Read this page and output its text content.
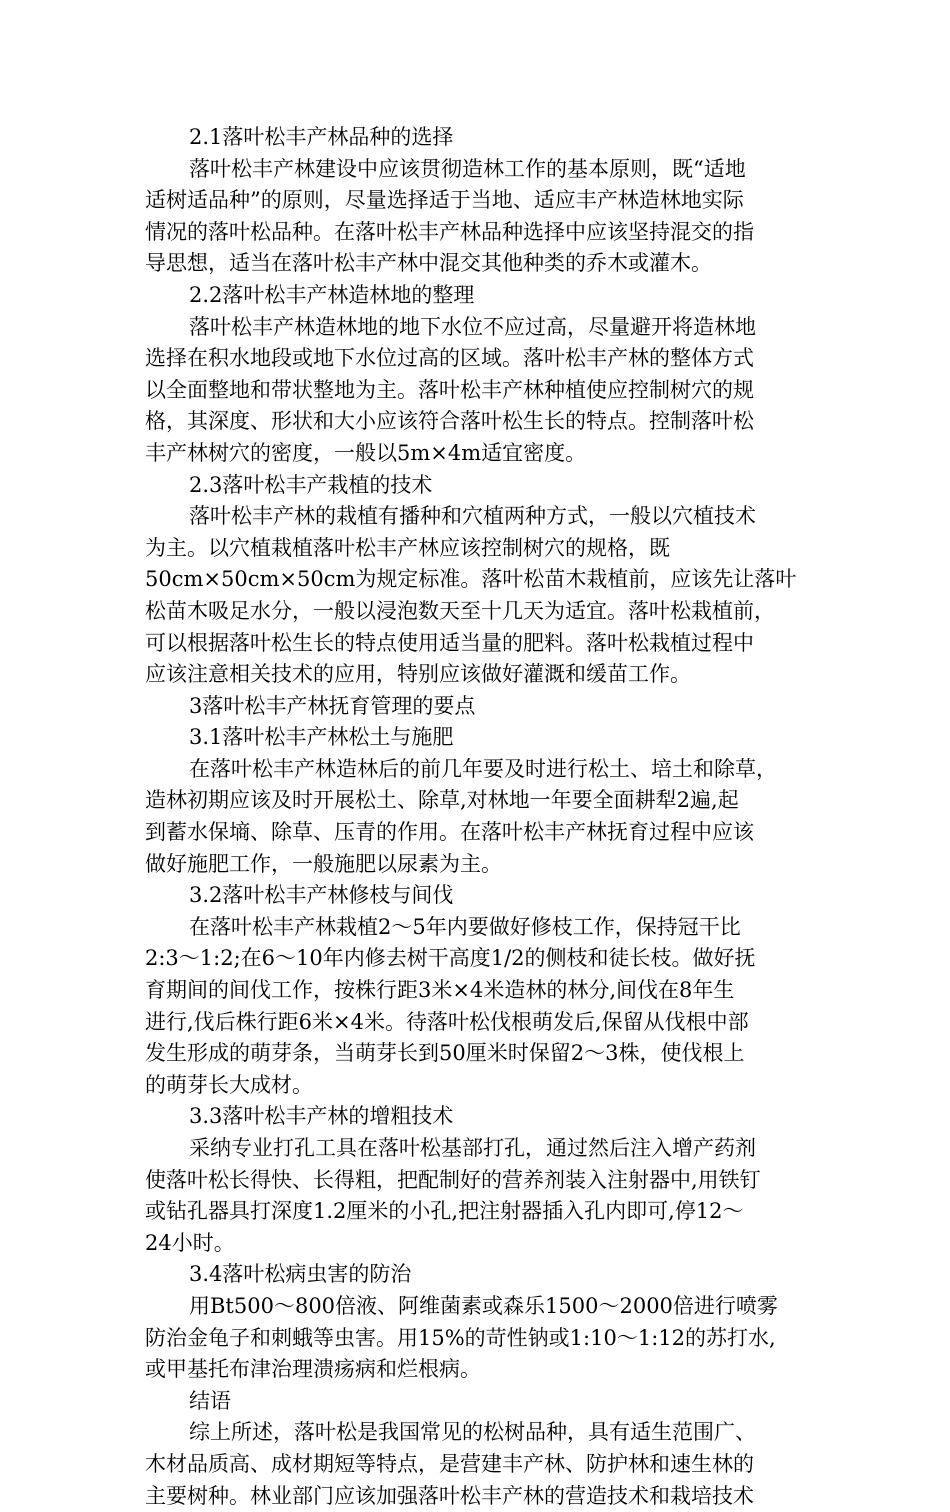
2.1落叶松丰产林品种的选择
落叶松丰产林建设中应该贯彻造林工作的基本原则，既“适地
适树适品种”的原则，尽量选择适于当地、适应丰产林造林地实际
情况的落叶松品种。在落叶松丰产林品种选择中应该坚持混交的指
导思想，适当在落叶松丰产林中混交其他种类的乔木或灌木。
2.2落叶松丰产林造林地的整理
落叶松丰产林造林地的地下水位不应过高，尽量避开将造林地
选择在积水地段或地下水位过高的区域。落叶松丰产林的整体方式
以全面整地和带状整地为主。落叶松丰产林种植使应控制树穴的规
格，其深度、形状和大小应该符合落叶松生长的特点。控制落叶松
丰产林树穴的密度，一般以5m×4m适宜密度。
2.3落叶松丰产栽植的技术
落叶松丰产林的栽植有播种和穴植两种方式，一般以穴植技术
为主。以穴植栽植落叶松丰产林应该控制树穴的规格，既
50cm×50cm×50cm为规定标准。落叶松苗木栽植前，应该先让落叶
松苗木吸足水分，一般以浸泡数天至十几天为适宜。落叶松栽植前，
可以根据落叶松生长的特点使用适当量的肥料。落叶松栽植过程中
应该注意相关技术的应用，特别应该做好灌溉和缓苗工作。
3落叶松丰产林抚育管理的要点
3.1落叶松丰产林松土与施肥
在落叶松丰产林造林后的前几年要及时进行松土、培土和除草，
造林初期应该及时开展松土、除草,对林地一年要全面耕犁2遍,起
到蓄水保墒、除草、压青的作用。在落叶松丰产林抚育过程中应该
做好施肥工作，一般施肥以尿素为主。
3.2落叶松丰产林修枝与间伐
在落叶松丰产林栽植2～5年内要做好修枝工作，保持冠干比
2:3～1:2;在6～10年内修去树干高度1/2的侧枝和徒长枝。做好抚
育期间的间伐工作，按株行距3米×4米造林的林分,间伐在8年生
进行,伐后株行距6米×4米。待落叶松伐根萌发后,保留从伐根中部
发生形成的萌芽条，当萌芽长到50厘米时保留2～3株，使伐根上
的萌芽长大成材。
3.3落叶松丰产林的增粗技术
采纳专业打孔工具在落叶松基部打孔，通过然后注入增产药剂
使落叶松长得快、长得粗，把配制好的营养剂装入注射器中,用铁钉
或钻孔器具打深度1.2厘米的小孔,把注射器插入孔内即可,停12～
24小时。
3.4落叶松病虫害的防治
用Bt500～800倍液、阿维菌素或森乐1500～2000倍进行喷雾
防治金龟子和刺蛾等虫害。用15%的苛性钠或1:10～1:12的苏打水,
或甲基托布津治理溃疡病和烂根病。
结语
综上所述，落叶松是我国常见的松树品种，具有适生范围广、
木材品质高、成材期短等特点，是营建丰产林、防护林和速生林的
主要树种。林业部门应该加强落叶松丰产林的营造技术和栽培技术
